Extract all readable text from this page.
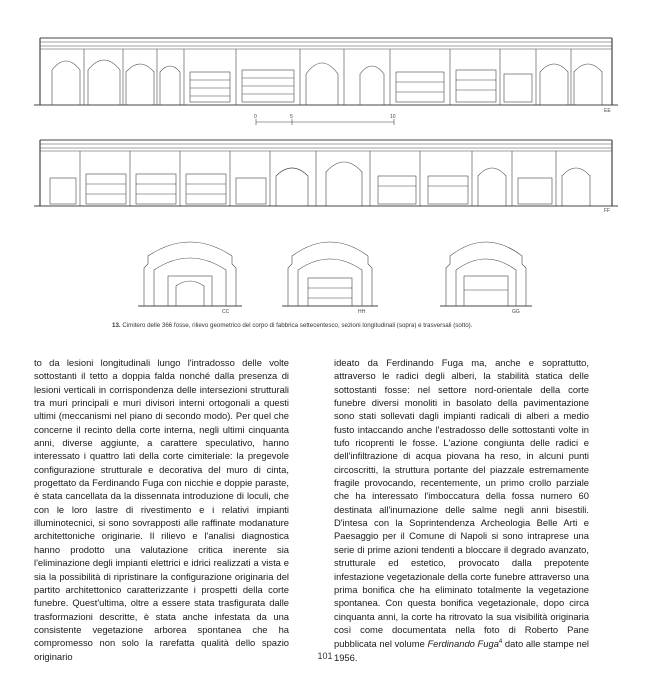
EE
FF
CC	HH	GG
0	5	10
13. Cimitero delle 366 fosse, rilievo geometrico del corpo di fabbrica settecentesco, sezioni longitudinali (sopra) e trasversali (sotto).

to da lesioni longitudinali lungo l'intradosso delle volte sottostanti il tetto a doppia falda nonché dalla presenza di lesioni verticali in corrispondenza delle intersezioni strutturali tra muri principali e muri divisori interni ortogonali a questi ultimi (meccanismi nel piano di secondo modo). Per quel che concerne il recinto della corte interna, negli ultimi cinquanta anni, diverse aggiunte, a carattere speculativo, hanno interessato i quattro lati della corte cimiteriale: la pregevole configurazione strutturale e decorativa del muro di cinta, progettato da Ferdinando Fuga con nicchie e doppie paraste, è stata cancellata da la dissennata introduzione di loculi, che con le loro lastre di rivestimento e i relativi impianti illuminotecnici, si sono sovrapposti alle raffinate modanature architettoniche originarie. Il rilievo e l'analisi diagnostica hanno prodotto una valutazione critica inerente sia l'eliminazione degli impianti elettrici e idrici realizzati a vista e sia la possibilità di ripristinare la configurazione originaria del partito architettonico caratterizzante i prospetti della corte funebre. Quest'ultima, oltre a essere stata trasfigurata dalle trasformazioni descritte, è stata anche infestata da una consistente vegetazione arborea spontanea che ha compromesso non solo la rarefatta qualità dello spazio originario

ideato da Ferdinando Fuga ma, anche e soprattutto, attraverso le radici degli alberi, la stabilità statica delle sottostanti fosse: nel settore nord-orientale della corte funebre diversi monoliti in basolato della pavimentazione sono stati sollevati dagli impianti radicali di alberi a medio fusto intaccando anche l'estradosso delle sottostanti volte in tufo ricoprenti le fosse. L'azione congiunta delle radici e dell'infiltrazione di acqua piovana ha reso, in alcuni punti circoscritti, la struttura portante del piazzale estremamente fragile provocando, recentemente, un primo crollo parziale che ha interessato l'imboccatura della fossa numero 60 destinata all'inumazione delle salme negli anni bisestili. D'intesa con la Soprintendenza Archeologia Belle Arti e Paesaggio per il Comune di Napoli si sono intraprese una serie di prime azioni tendenti a bloccare il degrado avanzato, strutturale ed estetico, provocato dalla prepotente infestazione vegetazionale della corte funebre attraverso una prima bonifica che ha eliminato totalmente la vegetazione spontanea. Con questa bonifica vegetazionale, dopo circa cinquanta anni, la corte ha ritrovato la sua visibilità originaria così come documentata nella foto di Roberto Pane pubblicata nel volume Ferdinando Fuga$^4$ dato alle stampe nel 1956.

101
